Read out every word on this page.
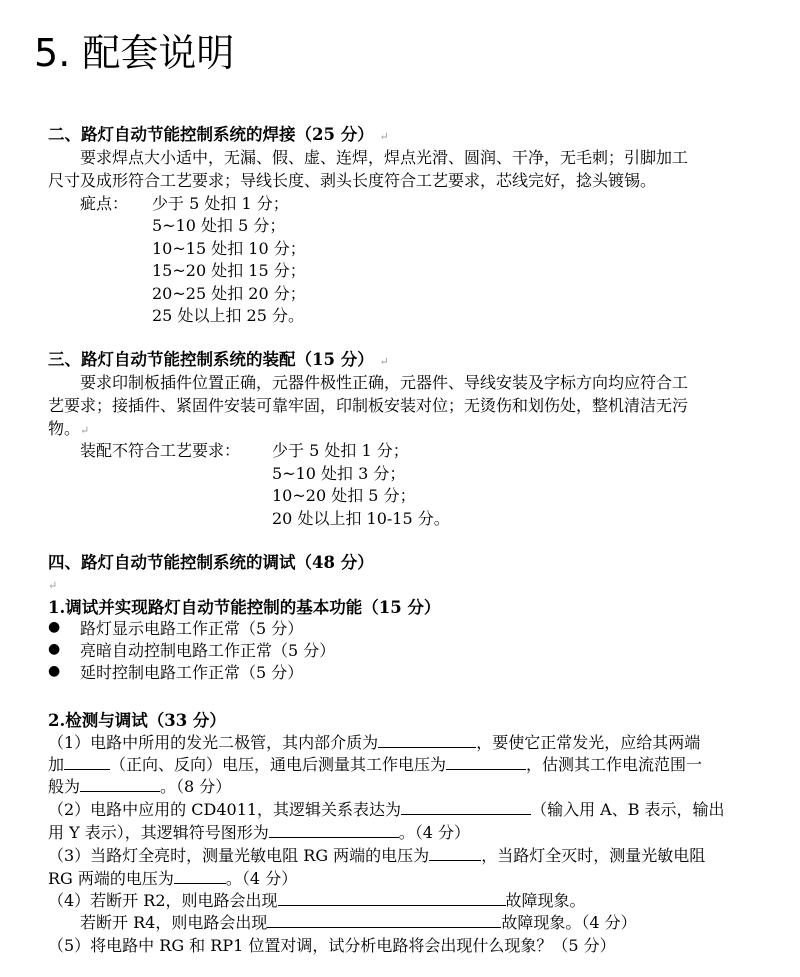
5. 配套说明
二、路灯自动节能控制系统的焊接（25 分） ↵
要求焊点大小适中，无漏、假、虚、连焊，焊点光滑、圆润、干净，无毛刺；引脚加工
尺寸及成形符合工艺要求；导线长度、剥头长度符合工艺要求，芯线完好，捻头镀锡。
疵点： 少于 5 处扣 1 分；
5~10 处扣 5 分；
10~15 处扣 10 分；
15~20 处扣 15 分；
20~25 处扣 20 分；
25 处以上扣 25 分。
三、路灯自动节能控制系统的装配（15 分） ↵
要求印制板插件位置正确，元器件极性正确，元器件、导线安装及字标方向均应符合工
艺要求；接插件、紧固件安装可靠牢固，印制板安装对位；无烫伤和划伤处，整机清洁无污
物。↵
装配不符合工艺要求： 少于 5 处扣 1 分；
5~10 处扣 3 分；
10~20 处扣 5 分；
20 处以上扣 10-15 分。
四、路灯自动节能控制系统的调试（48 分）
↵
1.调试并实现路灯自动节能控制的基本功能（15 分）
● 路灯显示电路工作正常（5 分）
● 亮暗自动控制电路工作正常（5 分）
● 延时控制电路工作正常（5 分）
2.检测与调试（33 分）
（1）电路中所用的发光二极管，其内部介质为	，要使它正常发光，应给其两端
加	（正向、反向）电压，通电后测量其工作电压为	，估测其工作电流范围一
般为	。（8 分）
（2）电路中应用的 CD4011，其逻辑关系表达为	（输入用 A、B 表示，输出
用 Y 表示），其逻辑符号图形为	。（4 分）
（3）当路灯全亮时，测量光敏电阻 RG 两端的电压为	，当路灯全灭时，测量光敏电阻
RG 两端的电压为	。（4 分）
（4）若断开 R2，则电路会出现	故障现象。
若断开 R4，则电路会出现	故障现象。（4 分）
（5）将电路中 RG 和 RP1 位置对调，试分析电路将会出现什么现象？（5 分）
